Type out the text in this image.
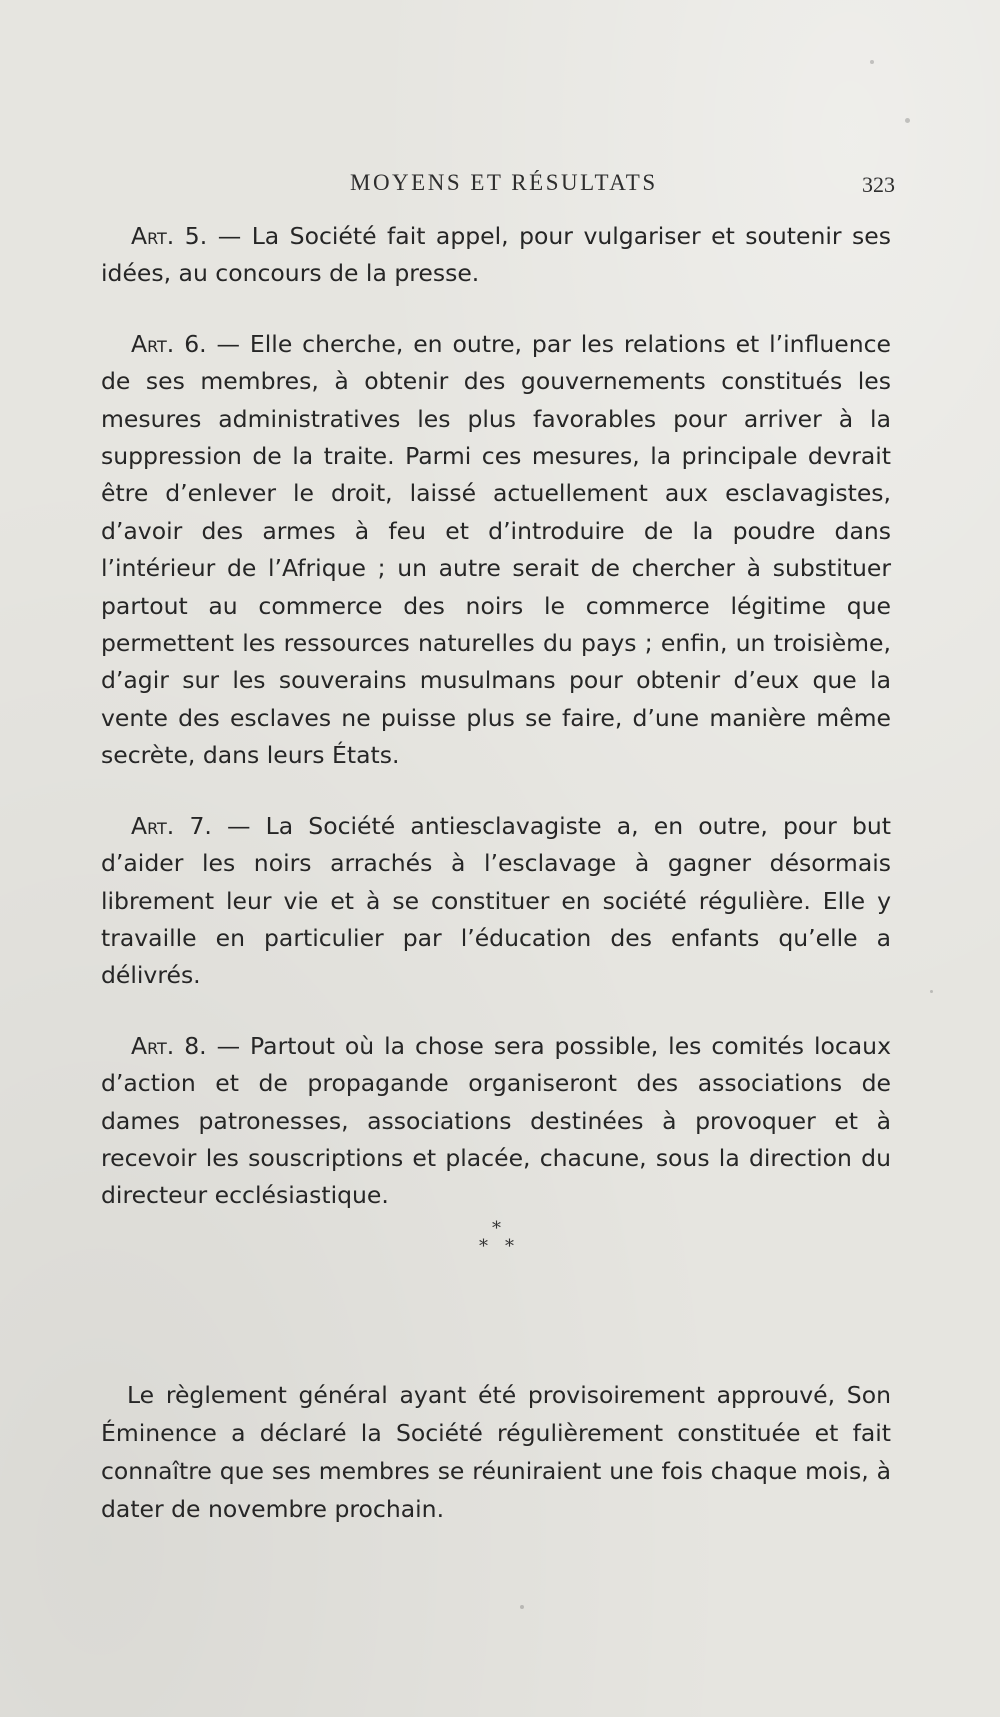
MOYENS ET RÉSULTATS	323

Art. 5. — La Société fait appel, pour vulgariser et soutenir ses idées, au concours de la presse.

Art. 6. — Elle cherche, en outre, par les relations et l’influence de ses membres, à obtenir des gouvernements constitués les mesures administratives les plus favorables pour arriver à la suppression de la traite. Parmi ces mesures, la principale devrait être d’enlever le droit, laissé actuellement aux esclavagistes, d’avoir des armes à feu et d’introduire de la poudre dans l’intérieur de l’Afrique ; un autre serait de chercher à substituer partout au commerce des noirs le commerce légitime que permettent les ressources naturelles du pays ; enfin, un troisième, d’agir sur les souverains musulmans pour obtenir d’eux que la vente des esclaves ne puisse plus se faire, d’une manière même secrète, dans leurs États.

Art. 7. — La Société antiesclavagiste a, en outre, pour but d’aider les noirs arrachés à l’esclavage à gagner désormais librement leur vie et à se constituer en société régulière. Elle y travaille en particulier par l’éducation des enfants qu’elle a délivrés.

Art. 8. — Partout où la chose sera possible, les comités locaux d’action et de propagande organiseront des associations de dames patronesses, associations destinées à provoquer et à recevoir les souscriptions et placée, chacune, sous la direction du directeur ecclésiastique.

*
* *

Le règlement général ayant été provisoirement approuvé, Son Éminence a déclaré la Société régulièrement constituée et fait connaître que ses membres se réuniraient une fois chaque mois, à dater de novembre prochain.
